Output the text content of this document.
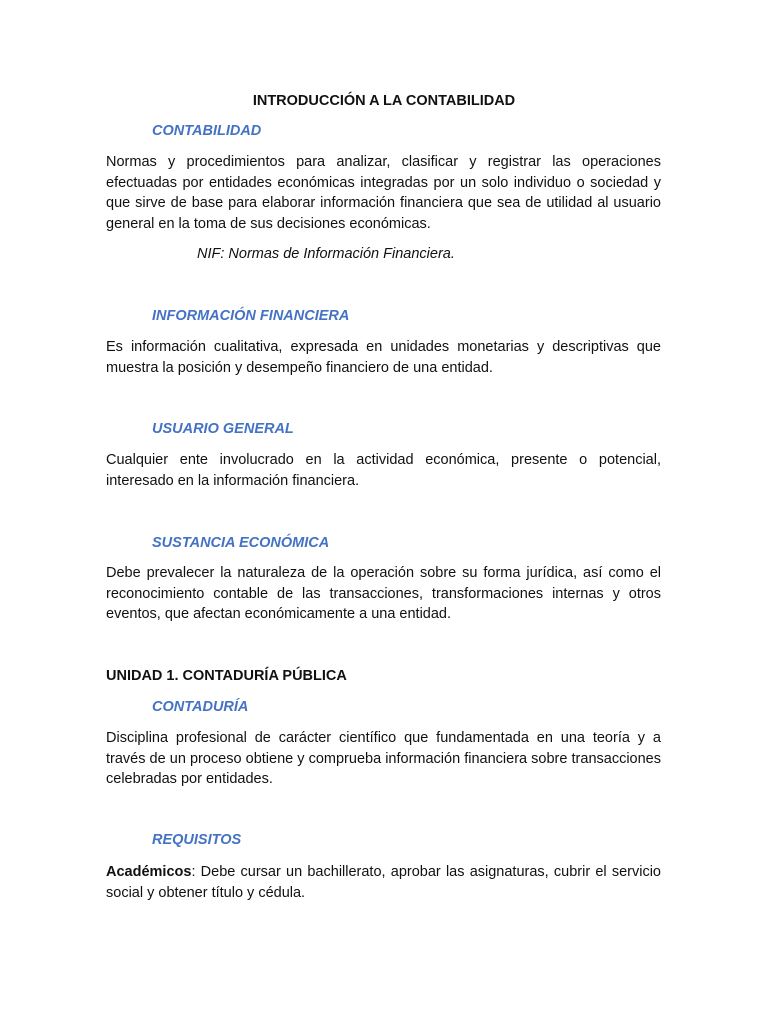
INTRODUCCIÓN A LA CONTABILIDAD
CONTABILIDAD
Normas y procedimientos para analizar, clasificar y registrar las operaciones efectuadas por entidades económicas integradas por un solo individuo o sociedad y que sirve de base para elaborar información financiera que sea de utilidad al usuario general en la toma de sus decisiones económicas.
NIF: Normas de Información Financiera.
INFORMACIÓN FINANCIERA
Es información cualitativa, expresada en unidades monetarias y descriptivas que muestra la posición y desempeño financiero de una entidad.
USUARIO GENERAL
Cualquier ente involucrado en la actividad económica, presente o potencial, interesado en la información financiera.
SUSTANCIA ECONÓMICA
Debe prevalecer la naturaleza de la operación sobre su forma jurídica, así como el reconocimiento contable de las transacciones, transformaciones internas y otros eventos, que afectan económicamente a una entidad.
UNIDAD 1. CONTADURÍA PÚBLICA
CONTADURÍA
Disciplina profesional de carácter científico que fundamentada en una teoría y a través de un proceso obtiene y comprueba información financiera sobre transacciones celebradas por entidades.
REQUISITOS
Académicos: Debe cursar un bachillerato, aprobar las asignaturas, cubrir el servicio social y obtener título y cédula.
